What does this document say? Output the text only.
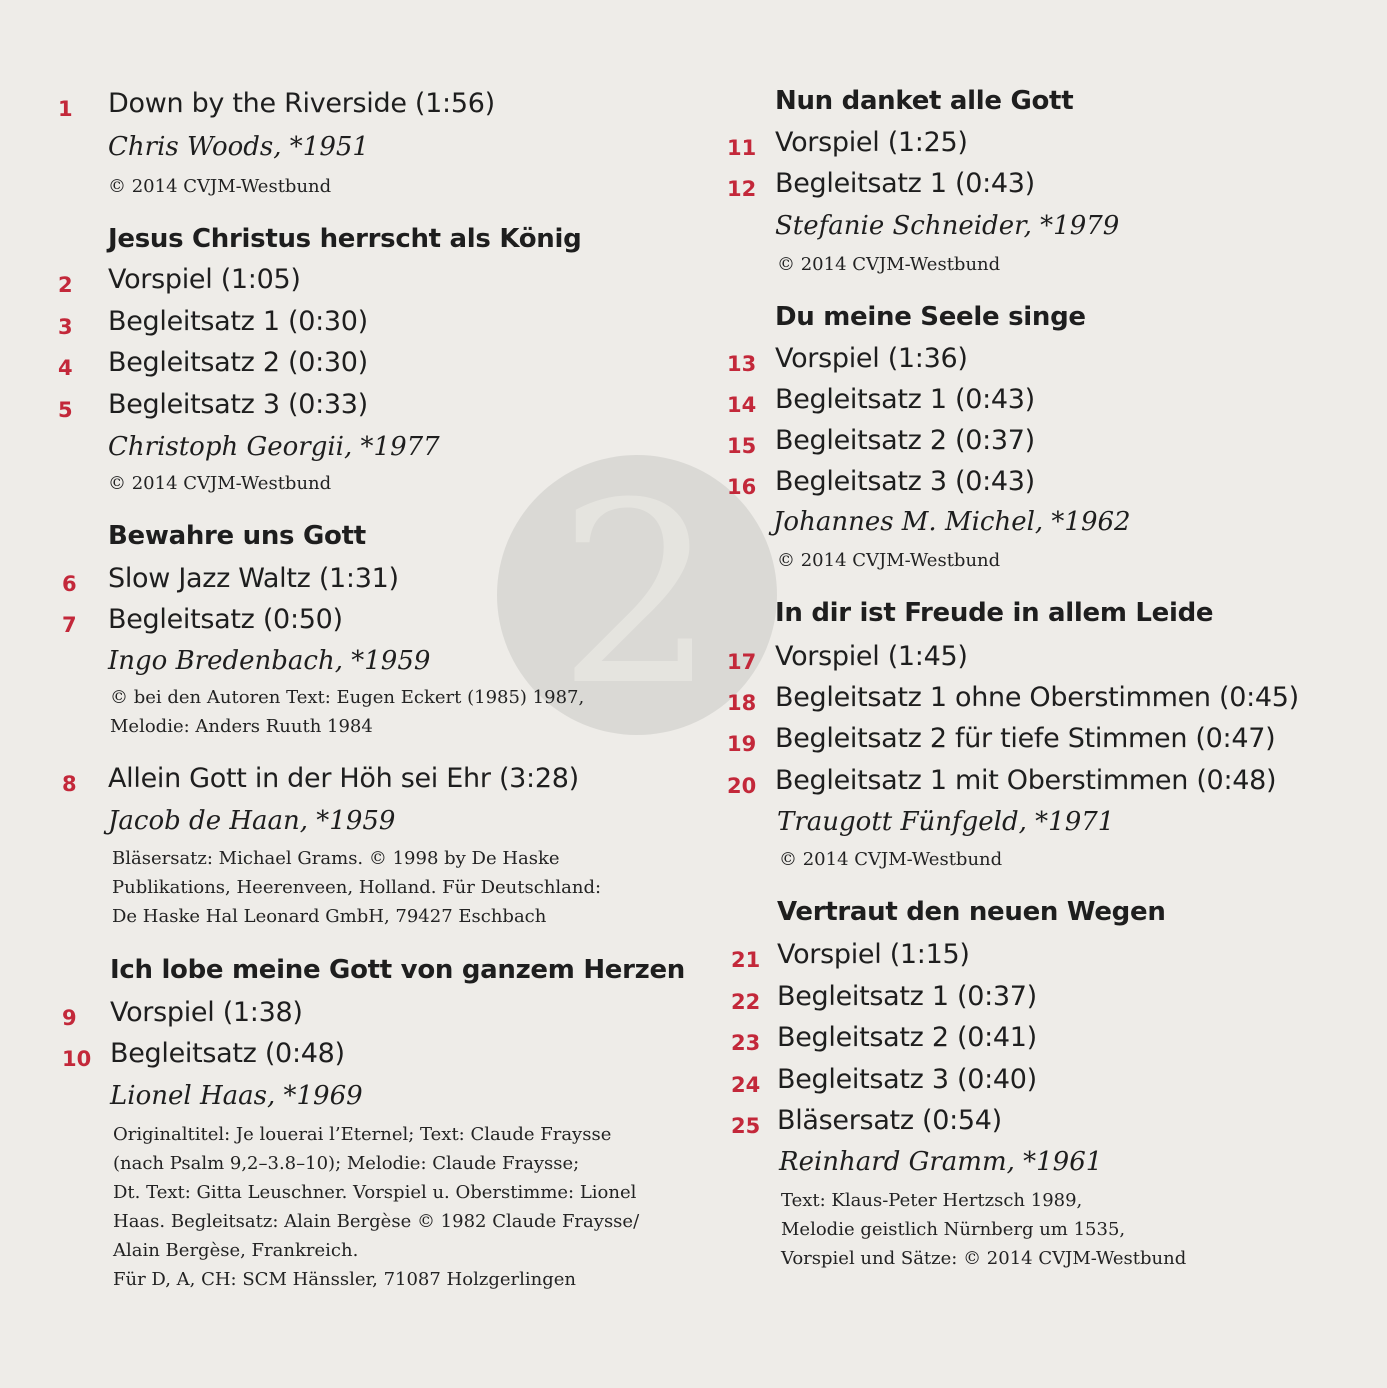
2
1	Down by the Riverside (1:56)
Chris Woods, *1951
© 2014 CVJM-Westbund
Jesus Christus herrscht als König
2	Vorspiel (1:05)
3	Begleitsatz 1 (0:30)
4	Begleitsatz 2 (0:30)
5	Begleitsatz 3 (0:33)
Christoph Georgii, *1977
© 2014 CVJM-Westbund
Bewahre uns Gott
6	Slow Jazz Waltz (1:31)
7	Begleitsatz (0:50)
Ingo Bredenbach, *1959
© bei den Autoren Text: Eugen Eckert (1985) 1987,
Melodie: Anders Ruuth 1984
8	Allein Gott in der Höh sei Ehr (3:28)
Jacob de Haan, *1959
Bläsersatz: Michael Grams. © 1998 by De Haske
Publikations, Heerenveen, Holland. Für Deutschland:
De Haske Hal Leonard GmbH, 79427 Eschbach
Ich lobe meine Gott von ganzem Herzen
9	Vorspiel (1:38)
10 Begleitsatz (0:48)
Lionel Haas, *1969
Originaltitel: Je louerai l’Eternel; Text: Claude Fraysse
(nach Psalm 9,2–3.8–10); Melodie: Claude Fraysse;
Dt. Text: Gitta Leuschner. Vorspiel u. Oberstimme: Lionel
Haas. Begleitsatz: Alain Bergèse © 1982 Claude Fraysse/
Alain Bergèse, Frankreich.
Für D, A, CH: SCM Hänssler, 71087 Holzgerlingen
Nun danket alle Gott
11 Vorspiel (1:25)
12 Begleitsatz 1 (0:43)
Stefanie Schneider, *1979
© 2014 CVJM-Westbund
Du meine Seele singe
13 Vorspiel (1:36)
14 Begleitsatz 1 (0:43)
15 Begleitsatz 2 (0:37)
16 Begleitsatz 3 (0:43)
Johannes M. Michel, *1962
© 2014 CVJM-Westbund
In dir ist Freude in allem Leide
17 Vorspiel (1:45)
18 Begleitsatz 1 ohne Oberstimmen (0:45)
19 Begleitsatz 2 für tiefe Stimmen (0:47)
20 Begleitsatz 1 mit Oberstimmen (0:48)
Traugott Fünfgeld, *1971
© 2014 CVJM-Westbund
Vertraut den neuen Wegen
21 Vorspiel (1:15)
22 Begleitsatz 1 (0:37)
23 Begleitsatz 2 (0:41)
24 Begleitsatz 3 (0:40)
25 Bläsersatz (0:54)
Reinhard Gramm, *1961
Text: Klaus-Peter Hertzsch 1989,
Melodie geistlich Nürnberg um 1535,
Vorspiel und Sätze: © 2014 CVJM-Westbund
